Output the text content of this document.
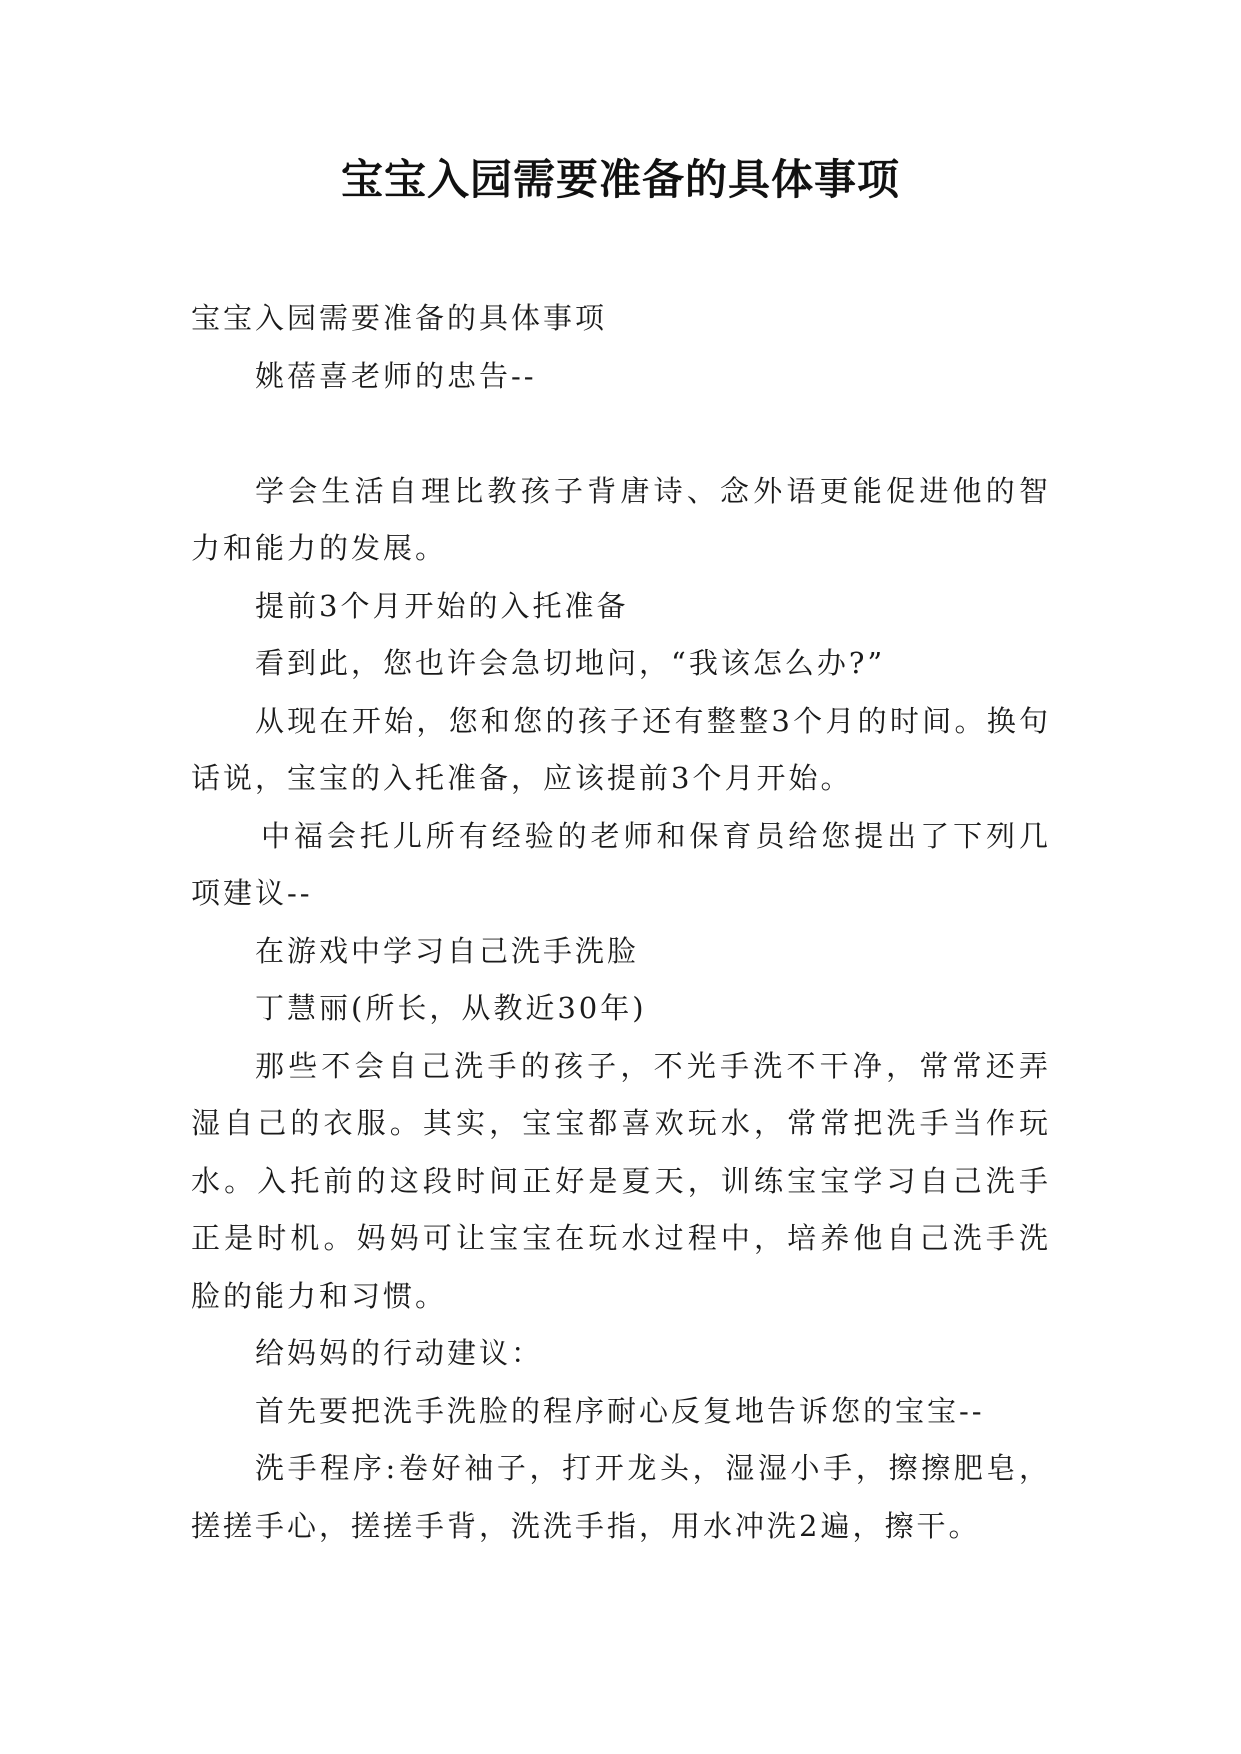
宝宝入园需要准备的具体事项

宝宝入园需要准备的具体事项

姚蓓喜老师的忠告--

学会生活自理比教孩子背唐诗、念外语更能促进他的智力和能力的发展。

提前3个月开始的入托准备

看到此，您也许会急切地问，“我该怎么办?”

从现在开始，您和您的孩子还有整整3个月的时间。换句话说，宝宝的入托准备，应该提前3个月开始。

中福会托儿所有经验的老师和保育员给您提出了下列几项建议--

在游戏中学习自己洗手洗脸

丁慧丽(所长，从教近30年)

那些不会自己洗手的孩子，不光手洗不干净，常常还弄湿自己的衣服。其实，宝宝都喜欢玩水，常常把洗手当作玩水。入托前的这段时间正好是夏天，训练宝宝学习自己洗手正是时机。妈妈可让宝宝在玩水过程中，培养他自己洗手洗脸的能力和习惯。

给妈妈的行动建议：

首先要把洗手洗脸的程序耐心反复地告诉您的宝宝--

洗手程序:卷好袖子，打开龙头，湿湿小手，擦擦肥皂，搓搓手心，搓搓手背，洗洗手指，用水冲洗2遍，擦干。
